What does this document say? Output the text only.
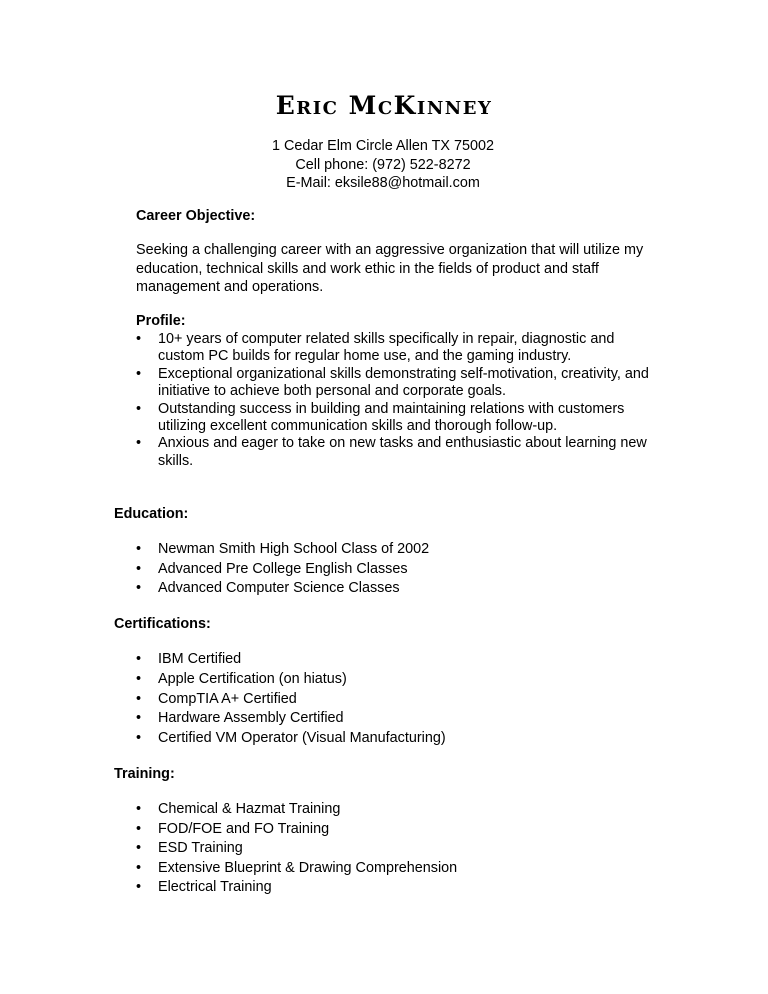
Eric McKinney
1 Cedar Elm Circle Allen TX 75002
Cell phone: (972) 522-8272
E-Mail: eksile88@hotmail.com
Career Objective:

Seeking a challenging career with an aggressive organization that will utilize my education, technical skills and work ethic in the fields of product and staff management and operations.

Profile:
• 10+ years of computer related skills specifically in repair, diagnostic and custom PC builds for regular home use, and the gaming industry.
• Exceptional organizational skills demonstrating self-motivation, creativity, and initiative to achieve both personal and corporate goals.
• Outstanding success in building and maintaining relations with customers utilizing excellent communication skills and thorough follow-up.
• Anxious and eager to take on new tasks and enthusiastic about learning new skills.
Education:
• Newman Smith High School Class of 2002
• Advanced Pre College English Classes
• Advanced Computer Science Classes
Certifications:
• IBM Certified
• Apple Certification (on hiatus)
• CompTIA A+ Certified
• Hardware Assembly Certified
• Certified VM Operator (Visual Manufacturing)
Training:
• Chemical & Hazmat Training
• FOD/FOE and FO Training
• ESD Training
• Extensive Blueprint & Drawing Comprehension
• Electrical Training
